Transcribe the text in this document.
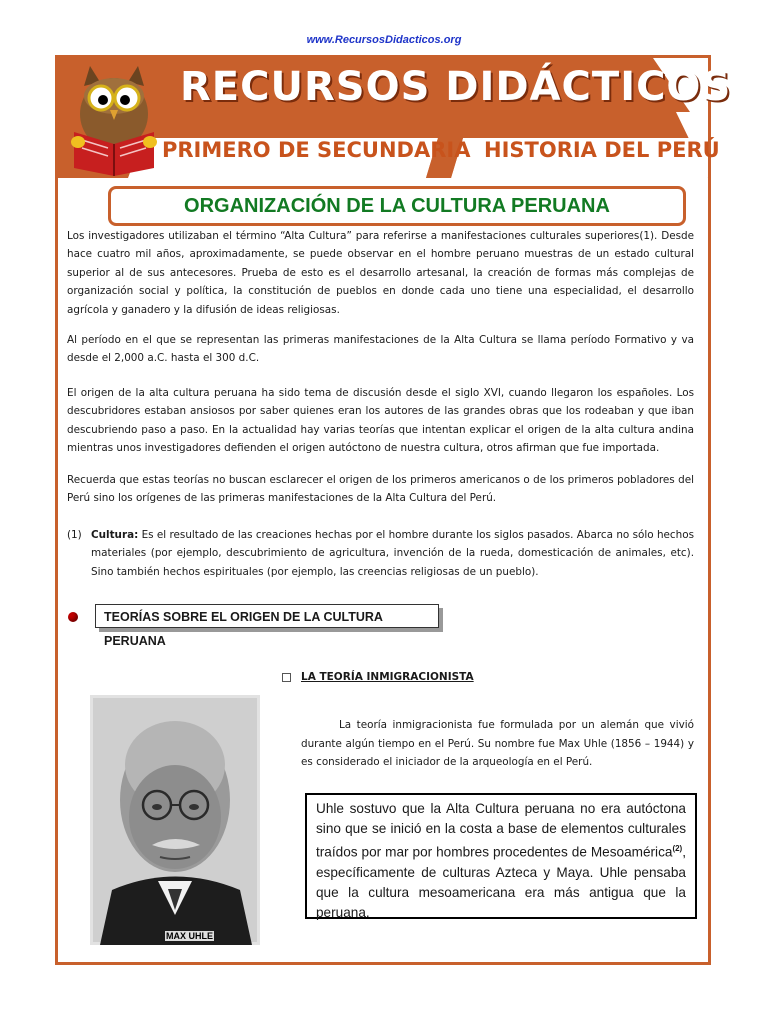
www.RecursosDidacticos.org
RECURSOS DIDÁCTICOS
PRIMERO DE SECUNDARIA HISTORIA DEL PERÚ
ORGANIZACIÓN DE LA CULTURA PERUANA

Los investigadores utilizaban el término “Alta Cultura” para referirse a manifestaciones culturales superiores(1). Desde hace cuatro mil años, aproximadamente, se puede observar en el hombre peruano muestras de un estado cultural superior al de sus antecesores. Prueba de esto es el desarrollo artesanal, la creación de formas más complejas de organización social y política, la constitución de pueblos en donde cada uno tiene una especialidad, el desarrollo agrícola y ganadero y la difusión de ideas religiosas.

Al período en el que se representan las primeras manifestaciones de la Alta Cultura se llama período Formativo y va desde el 2,000 a.C. hasta el 300 d.C.

El origen de la alta cultura peruana ha sido tema de discusión desde el siglo XVI, cuando llegaron los españoles. Los descubridores estaban ansiosos por saber quienes eran los autores de las grandes obras que los rodeaban y que iban descubriendo paso a paso. En la actualidad hay varias teorías que intentan explicar el origen de la alta cultura andina mientras unos investigadores defienden el origen autóctono de nuestra cultura, otros afirman que fue importada.

Recuerda que estas teorías no buscan esclarecer el origen de los primeros americanos o de los primeros pobladores del Perú sino los orígenes de las primeras manifestaciones de la Alta Cultura del Perú.

(1) Cultura: Es el resultado de las creaciones hechas por el hombre durante los siglos pasados. Abarca no sólo hechos materiales (por ejemplo, descubrimiento de agricultura, invención de la rueda, domesticación de animales, etc). Sino también hechos espirituales (por ejemplo, las creencias religiosas de un pueblo).
TEORÍAS SOBRE EL ORIGEN DE LA CULTURA PERUANA
LA TEORÍA INMIGRACIONISTA
MAX UHLE

La teoría inmigracionista fue formulada por un alemán que vivió durante algún tiempo en el Perú. Su nombre fue Max Uhle (1856 – 1944) y es considerado el iniciador de la arqueología en el Perú.

Uhle sostuvo que la Alta Cultura peruana no era autóctona sino que se inició en la costa a base de elementos culturales traídos por mar por hombres procedentes de Mesoamérica$^{(2)}$, específicamente de culturas Azteca y Maya. Uhle pensaba que la cultura mesoamericana era más antigua que la peruana.
